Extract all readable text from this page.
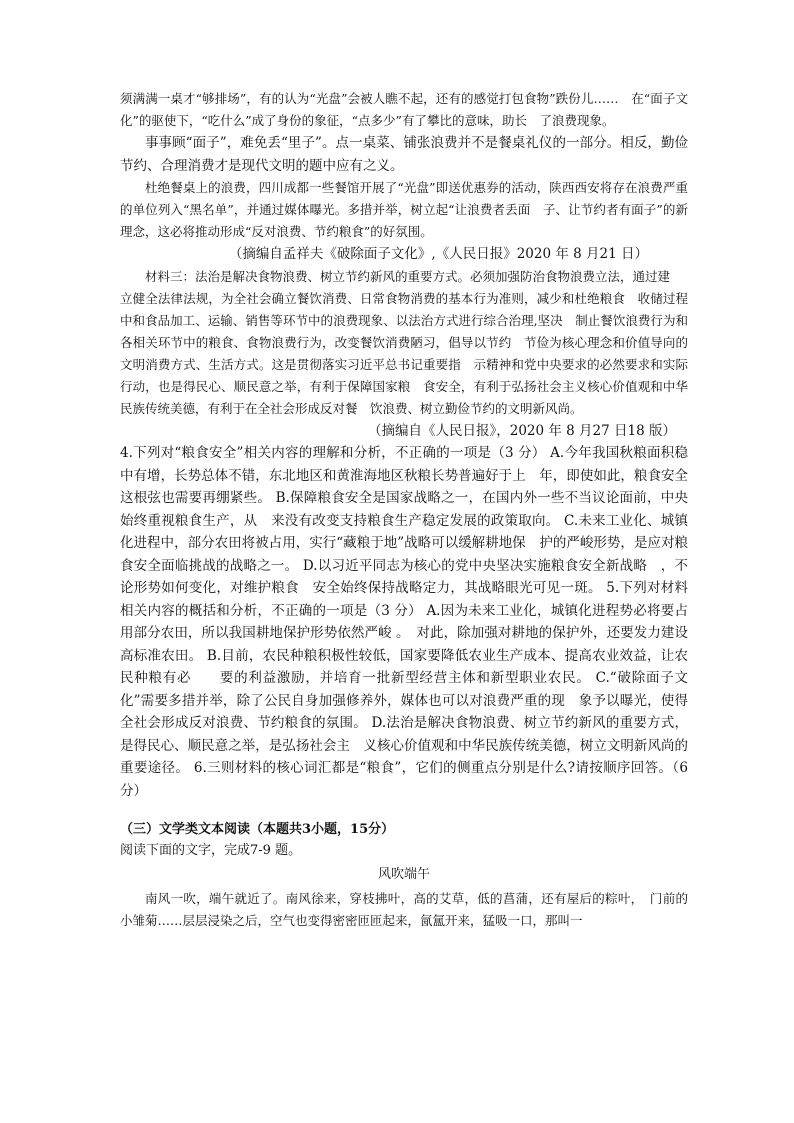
须满满一桌才“够排场”，有的认为“光盘”会被人瞧不起，还有的感觉打包食物”跌份儿……　在“面子文化”的驱使下，“吃什么”成了身份的象征，“点多少”有了攀比的意味，助长　了浪费现象。

事事顾“面子”，难免丢“里子”。点一桌菜、铺张浪费并不是餐桌礼仪的一部分。相反，勤俭节约、合理消费才是现代文明的题中应有之义。

杜绝餐桌上的浪费，四川成都一些餐馆开展了“光盘”即送优惠券的活动，陕西西安将存在浪费严重的单位列入“黑名单”，并通过媒体曝光。多措并举，树立起“让浪费者丢面　子、让节约者有面子”的新理念，这必将推动形成“反对浪费、节约粮食”的好氛围。

（摘编自孟祥夫《破除面子文化》,《人民日报》2020 年 8 月21 日）

材料三：法治是解决食物浪费、树立节约新风的重要方式。必须加强防治食物浪费立法，通过建

立健全法律法规，为全社会确立餐饮消费、日常食物消费的基本行为准则，减少和杜绝粮食　收储过程中和食品加工、运输、销售等环节中的浪费现象、以法治方式进行综合治理,坚决　制止餐饮浪费行为和各相关环节中的粮食、食物浪费行为，改变餐饮消费陋习，倡导以节约　节俭为核心理念和价值导向的文明消费方式、生活方式。这是贯彻落实习近平总书记重要指　示精神和党中央要求的必然要求和实际行动，也是得民心、顺民意之举，有利于保障国家粮　食安全，有利于弘扬社会主义核心价值观和中华民族传统美德，有利于在全社会形成反对餐　饮浪费、树立勤俭节约的文明新风尚。

（摘编自《人民日报》，2020 年 8 月27 日18 版）

4.下列对“粮食安全”相关内容的理解和分析，不正确的一项是（3 分） A.今年我国秋粮面积稳中有增，长势总体不错，东北地区和黄淮海地区秋粮长势普遍好于上　年，即使如此，粮食安全这根弦也需要再绷紧些。 B.保障粮食安全是国家战略之一，在国内外一些不当议论面前，中央始终重视粮食生产，从　来没有改变支持粮食生产稳定发展的政策取向。 C.未来工业化、城镇化进程中，部分农田将被占用，实行“藏粮于地”战略可以缓解耕地保　护的严峻形势，是应对粮食安全面临挑战的战略之一。 D.以习近平同志为核心的党中央坚决实施粮食安全新战略　，不论形势如何变化，对维护粮食　安全始终保持战略定力，其战略眼光可见一斑。 5.下列对材料相关内容的概括和分析，不正确的一项是（3 分） A.因为未来工业化，城镇化进程势必将要占用部分农田，所以我国耕地保护形势依然严峻 。　对此，除加强对耕地的保护外，还要发力建设高标准农田。 B.目前，农民种粮积极性较低，国家要降低农业生产成本、提高农业效益，让农民种粮有必　　要的利益激励，并培育一批新型经营主体和新型职业农民。 C.“破除面子文化”需要多措并举，除了公民自身加强修养外，媒体也可以对浪费严重的现　象予以曝光，使得全社会形成反对浪费、节约粮食的氛围。 D.法治是解决食物浪费、树立节约新风的重要方式，是得民心、顺民意之举，是弘扬社会主　义核心价值观和中华民族传统美德，树立文明新风尚的重要途径。 6.三则材料的核心词汇都是“粮食”，它们的侧重点分别是什么?请按顺序回答。（6 分）

（三）文学类文本阅读（本题共3小题，15分）

阅读下面的文字，完成7-9 题。

风吹端午

南风一吹，端午就近了。南风徐来，穿枝拂叶，高的艾草，低的菖蒲，还有屋后的粽叶，　门前的小雏菊……层层浸染之后，空气也变得密密匝匝起来，氤氲开来，猛吸一口，那叫一
